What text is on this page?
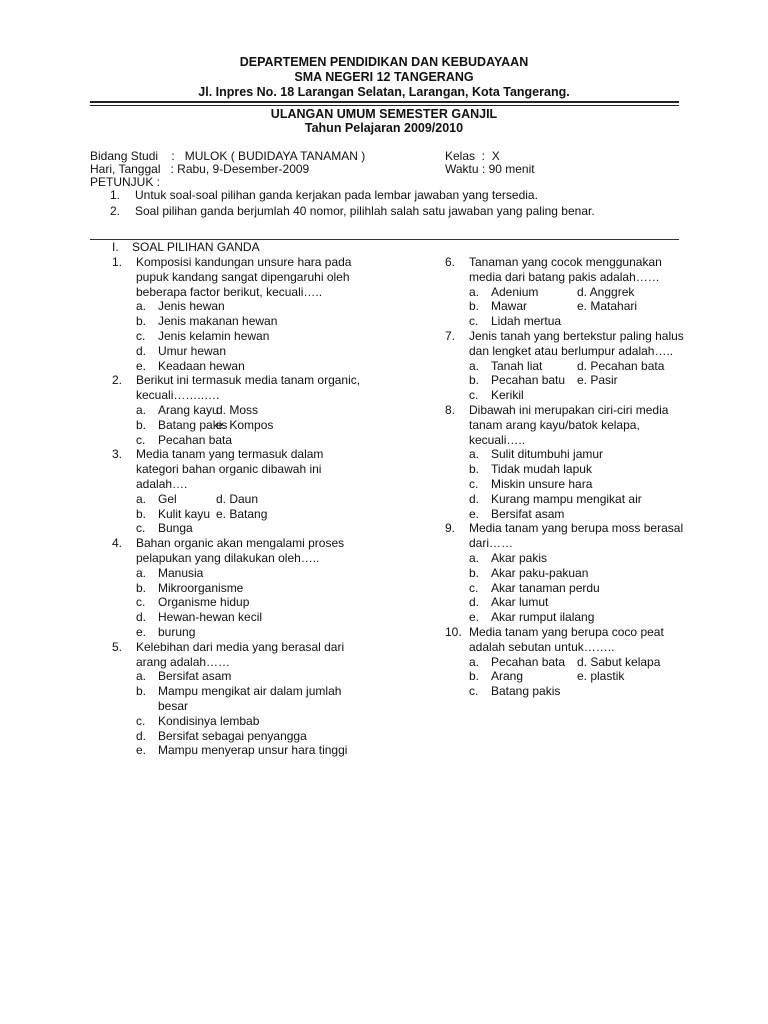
DEPARTEMEN PENDIDIKAN DAN KEBUDAYAAN
SMA NEGERI 12 TANGERANG
Jl. Inpres No. 18 Larangan Selatan, Larangan, Kota Tangerang.
ULANGAN UMUM SEMESTER GANJIL
Tahun Pelajaran 2009/2010
Bidang Studi    :   MULOK ( BUDIDAYA TANAMAN )	Kelas  :  X
Hari, Tanggal   : Rabu, 9-Desember-2009	Waktu : 90 menit
PETUNJUK :
1. Untuk soal-soal pilihan ganda kerjakan pada lembar jawaban yang tersedia.
2. Soal pilihan ganda berjumlah 40 nomor, pilihlah salah satu jawaban yang paling benar.
I.    SOAL PILIHAN GANDA
1. Komposisi kandungan unsure hara pada
pupuk kandang sangat dipengaruhi oleh
beberapa factor berikut, kecuali…..
a. Jenis hewan
b. Jenis makanan hewan
c. Jenis kelamin hewan
d. Umur hewan
e. Keadaan hewan
2. Berikut ini termasuk media tanam organic,
kecuali……..….
a. Arang kayu
d. Moss
b. Batang pakis
e. Kompos
c. Pecahan bata
3. Media tanam yang termasuk dalam
kategori bahan organic dibawah ini
adalah….
a. Gel	d. Daun
b. Kulit kayu e. Batang
c. Bunga
4. Bahan organic akan mengalami proses
pelapukan yang dilakukan oleh…..
a. Manusia
b. Mikroorganisme
c. Organisme hidup
d. Hewan-hewan kecil
e. burung
5. Kelebihan dari media yang berasal dari
arang adalah……
a. Bersifat asam
b. Mampu mengikat air dalam jumlah
besar
c. Kondisinya lembab
d. Bersifat sebagai penyangga
e. Mampu menyerap unsur hara tinggi
6. Tanaman yang cocok menggunakan
media dari batang pakis adalah……
a. Adenium	d. Anggrek
b. Mawar	e. Matahari
c. Lidah mertua
7. Jenis tanah yang bertekstur paling halus
dan lengket atau berlumpur adalah…..
a. Tanah liat	d. Pecahan bata
b. Pecahan batu e. Pasir
c. Kerikil
8. Dibawah ini merupakan ciri-ciri media
tanam arang kayu/batok kelapa,
kecuali…..
a. Sulit ditumbuhi jamur
b. Tidak mudah lapuk
c. Miskin unsure hara
d. Kurang mampu mengikat air
e. Bersifat asam
9. Media tanam yang berupa moss berasal
dari……
a. Akar pakis
b. Akar paku-pakuan
c. Akar tanaman perdu
d. Akar lumut
e. Akar rumput ilalang
10. Media tanam yang berupa coco peat
adalah sebutan untuk……..
a. Pecahan bata d. Sabut kelapa
b. Arang	e. plastik
c. Batang pakis
